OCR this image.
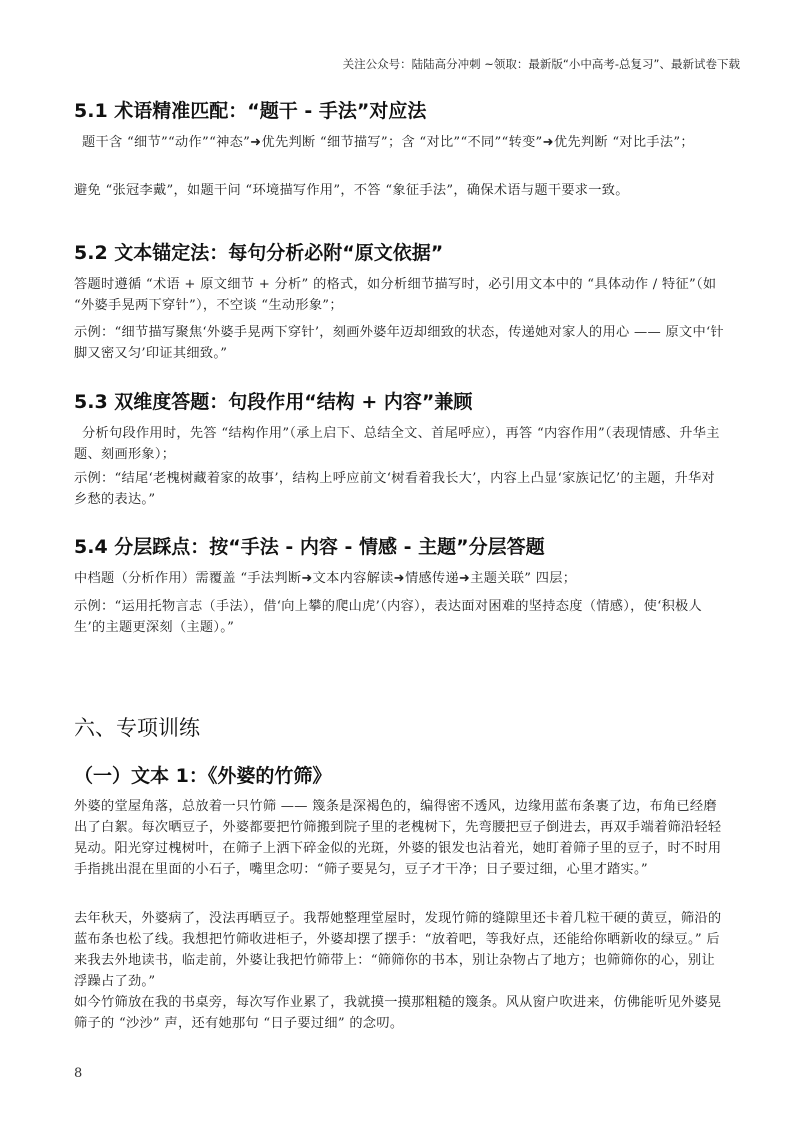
关注公众号：陆陆高分冲刺 ~领取：最新版“小中高考-总复习”、最新试卷下载
5.1 术语精准匹配：“题干 - 手法”对应法
题干含 “细节”“动作”“神态”➜优先判断 “细节描写”；含 “对比”“不同”“转变”➜优先判断 “对比手法”；
避免 “张冠李戴”，如题干问 “环境描写作用”，不答 “象征手法”，确保术语与题干要求一致。
5.2 文本锚定法：每句分析必附“原文依据”
答题时遵循 “术语 + 原文细节 + 分析” 的格式，如分析细节描写时，必引用文本中的 “具体动作 / 特征”（如 “外婆手晃两下穿针”），不空谈 “生动形象”；
示例：“细节描写聚焦‘外婆手晃两下穿针’，刻画外婆年迈却细致的状态，传递她对家人的用心 —— 原文中‘针脚又密又匀’印证其细致。”
5.3 双维度答题：句段作用“结构 + 内容”兼顾
分析句段作用时，先答 “结构作用”（承上启下、总结全文、首尾呼应），再答 “内容作用”（表现情感、升华主题、刻画形象）；
示例：“结尾‘老槐树藏着家的故事’，结构上呼应前文‘树看着我长大’，内容上凸显‘家族记忆’的主题，升华对乡愁的表达。”
5.4 分层踩点：按“手法 - 内容 - 情感 - 主题”分层答题
中档题（分析作用）需覆盖 “手法判断➜文本内容解读➜情感传递➜主题关联” 四层；
示例：“运用托物言志（手法），借‘向上攀的爬山虎’（内容），表达面对困难的坚持态度（情感），使‘积极人生’的主题更深刻（主题）。”
六、专项训练
（一）文本 1：《外婆的竹筛》
外婆的堂屋角落，总放着一只竹筛 —— 篾条是深褐色的，编得密不透风，边缘用蓝布条裹了边，布角已经磨出了白絮。每次晒豆子，外婆都要把竹筛搬到院子里的老槐树下，先弯腰把豆子倒进去，再双手端着筛沿轻轻晃动。阳光穿过槐树叶，在筛子上洒下碎金似的光斑，外婆的银发也沾着光，她盯着筛子里的豆子，时不时用手指挑出混在里面的小石子，嘴里念叨：“筛子要晃匀，豆子才干净；日子要过细，心里才踏实。”
去年秋天，外婆病了，没法再晒豆子。我帮她整理堂屋时，发现竹筛的缝隙里还卡着几粒干硬的黄豆，筛沿的蓝布条也松了线。我想把竹筛收进柜子，外婆却摆了摆手：“放着吧，等我好点，还能给你晒新收的绿豆。” 后来我去外地读书，临走前，外婆让我把竹筛带上：“筛筛你的书本，别让杂物占了地方；也筛筛你的心，别让浮躁占了劲。”
如今竹筛放在我的书桌旁，每次写作业累了，我就摸一摸那粗糙的篾条。风从窗户吹进来，仿佛能听见外婆晃筛子的 “沙沙” 声，还有她那句 “日子要过细” 的念叨。
8
